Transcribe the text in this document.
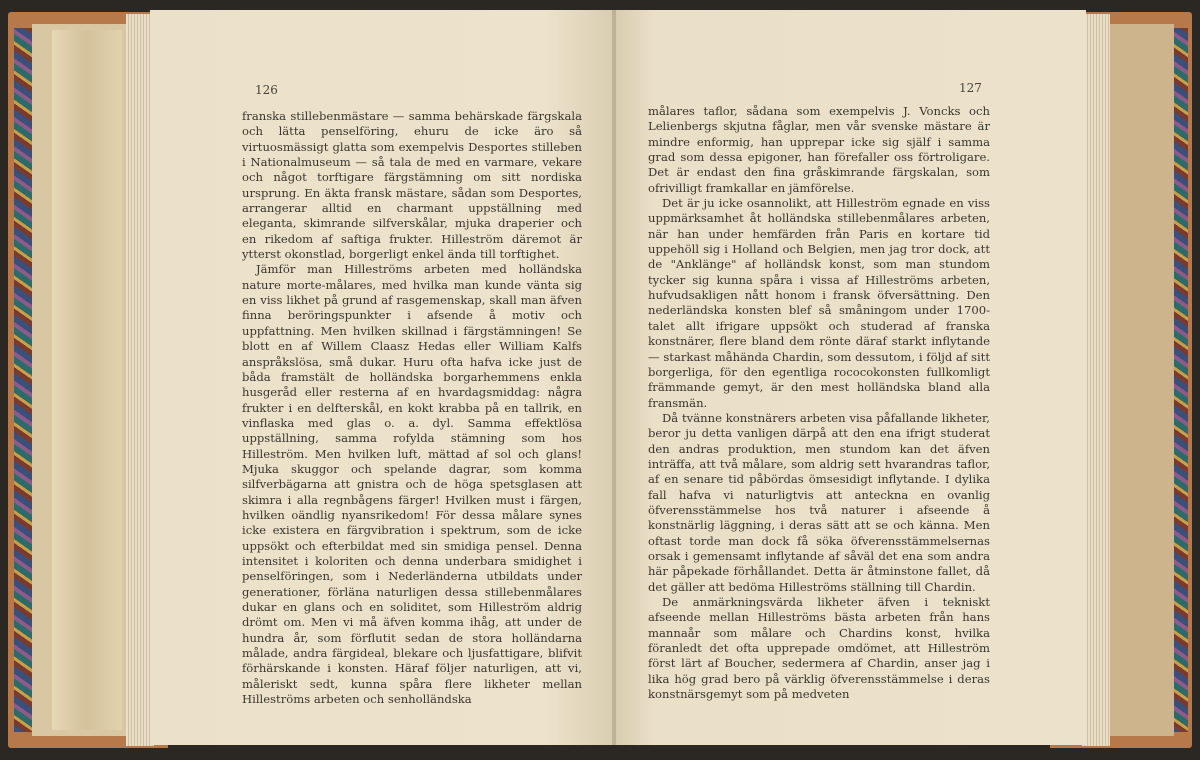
126

franska stillebenmästare — samma behärskade färgskala och lätta penselföring, ehuru de icke äro så virtuosmässigt glatta som exempelvis Desportes stilleben i Nationalmuseum — så tala de med en varmare, vekare och något torftigare färgstämning om sitt nordiska ursprung. En äkta fransk mästare, sådan som Desportes, arrangerar alltid en charmant uppställning med eleganta, skimrande silfverskålar, mjuka draperier och en rikedom af saftiga frukter. Hilleström däremot är ytterst okonstlad, borgerligt enkel ända till torftighet.

Jämför man Hilleströms arbeten med holländska nature morte-målares, med hvilka man kunde vänta sig en viss likhet på grund af rasgemenskap, skall man äfven finna beröringspunkter i afsende å motiv och uppfattning. Men hvilken skillnad i färgstämningen! Se blott en af Willem Claasz Hedas eller William Kalfs anspråkslösa, små dukar. Huru ofta hafva icke just de båda framstält de holländska borgarhemmens enkla husgeråd eller resterna af en hvardagsmiddag: några frukter i en delfterskål, en kokt krabba på en tallrik, en vinflaska med glas o. a. dyl. Samma effektlösa uppställning, samma rofylda stämning som hos Hilleström. Men hvilken luft, mättad af sol och glans! Mjuka skuggor och spelande dagrar, som komma silfverbägarna att gnistra och de höga spetsglasen att skimra i alla regnbågens färger! Hvilken must i färgen, hvilken oändlig nyansrikedom! För dessa målare synes icke existera en färgvibration i spektrum, som de icke uppsökt och efterbildat med sin smidiga pensel. Denna intensitet i koloriten och denna underbara smidighet i penselföringen, som i Nederländerna utbildats under generationer, förläna naturligen dessa stillebenmålares dukar en glans och en soliditet, som Hilleström aldrig drömt om. Men vi må äfven komma ihåg, att under de hundra år, som förflutit sedan de stora holländarna målade, andra färgideal, blekare och ljusfattigare, blifvit förhärskande i konsten. Häraf följer naturligen, att vi, måleriskt sedt, kunna spåra flere likheter mellan Hilleströms arbeten och senholländska

127

målares taflor, sådana som exempelvis J. Voncks och Lelienbergs skjutna fåglar, men vår svenske mästare är mindre enformig, han upprepar icke sig själf i samma grad som dessa epigoner, han förefaller oss förtroligare. Det är endast den fina gråskimrande färgskalan, som ofrivilligt framkallar en jämförelse.

Det är ju icke osannolikt, att Hilleström egnade en viss uppmärksamhet åt holländska stillebenmålares arbeten, när han under hemfärden från Paris en kortare tid uppehöll sig i Holland och Belgien, men jag tror dock, att de "Anklänge" af holländsk konst, som man stundom tycker sig kunna spåra i vissa af Hilleströms arbeten, hufvudsakligen nått honom i fransk öfversättning. Den nederländska konsten blef så småningom under 1700-talet allt ifrigare uppsökt och studerad af franska konstnärer, flere bland dem rönte däraf starkt inflytande — starkast måhända Chardin, som dessutom, i följd af sitt borgerliga, för den egentliga rococokonsten fullkomligt främmande gemyt, är den mest holländska bland alla fransmän.

Då tvänne konstnärers arbeten visa påfallande likheter, beror ju detta vanligen därpå att den ena ifrigt studerat den andras produktion, men stundom kan det äfven inträffa, att två målare, som aldrig sett hvarandras taflor, af en senare tid påbördas ömsesidigt inflytande. I dylika fall hafva vi naturligtvis att anteckna en ovanlig öfverensstämmelse hos två naturer i afseende å konstnärlig läggning, i deras sätt att se och känna. Men oftast torde man dock få söka öfverensstämmelsernas orsak i gemensamt inflytande af såväl det ena som andra här påpekade förhållandet. Detta är åtminstone fallet, då det gäller att bedöma Hilleströms ställning till Chardin.

De anmärkningsvärda likheter äfven i tekniskt afseende mellan Hilleströms bästa arbeten från hans mannaår som målare och Chardins konst, hvilka föranledt det ofta upprepade omdömet, att Hilleström först lärt af Boucher, sedermera af Chardin, anser jag i lika hög grad bero på värklig öfverensstämmelse i deras konstnärsgemyt som på medveten
